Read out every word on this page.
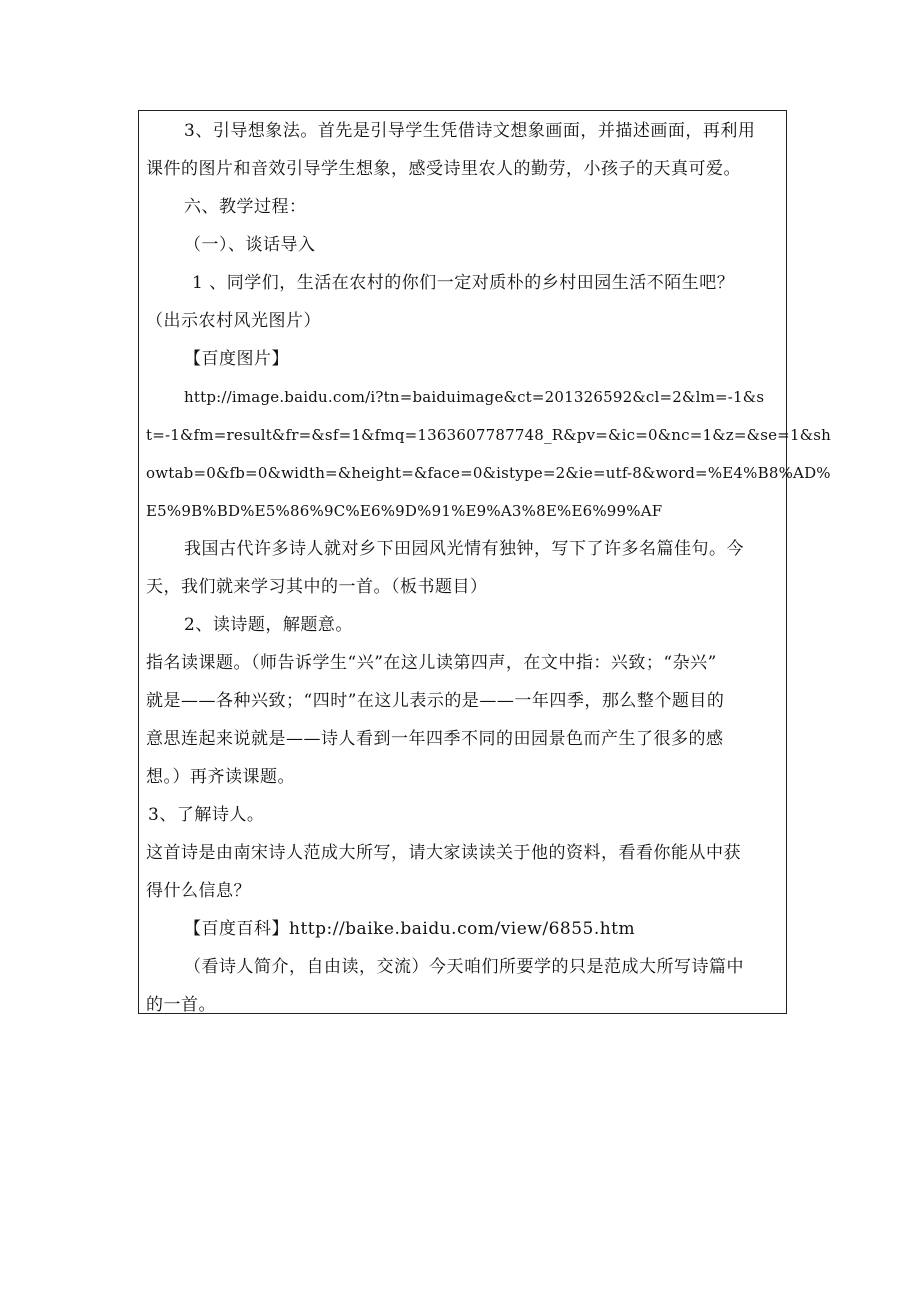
3、引导想象法。首先是引导学生凭借诗文想象画面，并描述画面，再利用
课件的图片和音效引导学生想象，感受诗里农人的勤劳，小孩子的天真可爱。
六、教学过程：
（一）、谈话导入
1 、同学们，生活在农村的你们一定对质朴的乡村田园生活不陌生吧？
（出示农村风光图片）
【百度图片】
http://image.baidu.com/i?tn=baiduimage&ct=201326592&cl=2&lm=-1&s
t=-1&fm=result&fr=&sf=1&fmq=1363607787748_R&pv=&ic=0&nc=1&z=&se=1&sh
owtab=0&fb=0&width=&height=&face=0&istype=2&ie=utf-8&word=%E4%B8%AD%
E5%9B%BD%E5%86%9C%E6%9D%91%E9%A3%8E%E6%99%AF
我国古代许多诗人就对乡下田园风光情有独钟，写下了许多名篇佳句。今
天，我们就来学习其中的一首。（板书题目）
2、读诗题，解题意。
指名读课题。（师告诉学生“兴”在这儿读第四声，在文中指：兴致；“杂兴”
就是——各种兴致；“四时”在这儿表示的是——一年四季，那么整个题目的
意思连起来说就是——诗人看到一年四季不同的田园景色而产生了很多的感
想。）再齐读课题。
3、了解诗人。
这首诗是由南宋诗人范成大所写，请大家读读关于他的资料，看看你能从中获
得什么信息？
【百度百科】http://baike.baidu.com/view/6855.htm
（看诗人简介，自由读，交流）今天咱们所要学的只是范成大所写诗篇中
的一首。
